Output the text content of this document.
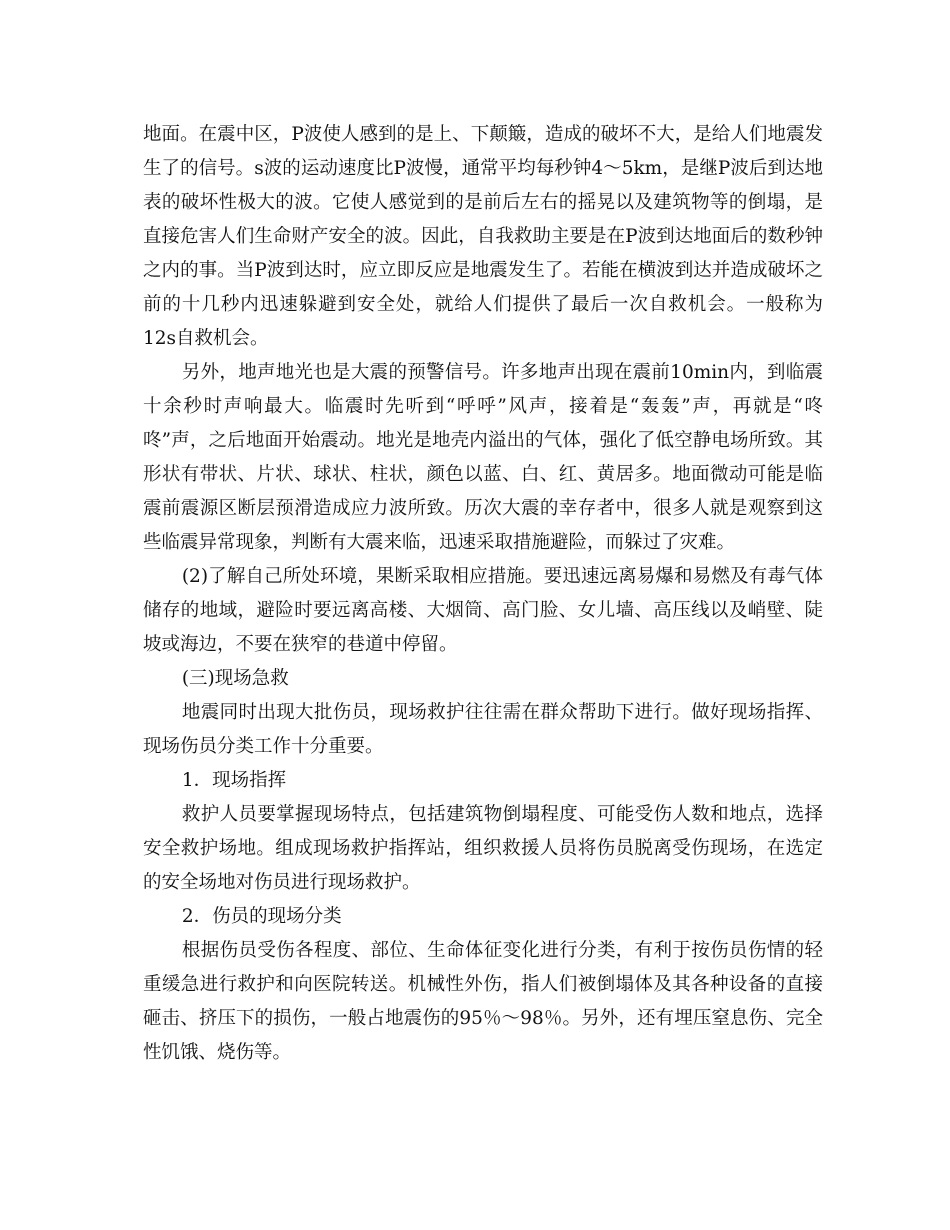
地面。在震中区，P波使人感到的是上、下颠簸，造成的破坏不大，是给人们地震发生了的信号。s波的运动速度比P波慢，通常平均每秒钟4～5km，是继P波后到达地表的破坏性极大的波。它使人感觉到的是前后左右的摇晃以及建筑物等的倒塌，是直接危害人们生命财产安全的波。因此，自我救助主要是在P波到达地面后的数秒钟之内的事。当P波到达时，应立即反应是地震发生了。若能在横波到达并造成破坏之前的十几秒内迅速躲避到安全处，就给人们提供了最后一次自救机会。一般称为12s自救机会。

另外，地声地光也是大震的预警信号。许多地声出现在震前10min内，到临震十余秒时声响最大。临震时先听到“呼呼”风声，接着是“轰轰”声，再就是“咚咚”声，之后地面开始震动。地光是地壳内溢出的气体，强化了低空静电场所致。其形状有带状、片状、球状、柱状，颜色以蓝、白、红、黄居多。地面微动可能是临震前震源区断层预滑造成应力波所致。历次大震的幸存者中，很多人就是观察到这些临震异常现象，判断有大震来临，迅速采取措施避险，而躲过了灾难。

(2)了解自己所处环境，果断采取相应措施。要迅速远离易爆和易燃及有毒气体储存的地域，避险时要远离高楼、大烟筒、高门脸、女儿墙、高压线以及峭壁、陡坡或海边，不要在狭窄的巷道中停留。

(三)现场急救

地震同时出现大批伤员，现场救护往往需在群众帮助下进行。做好现场指挥、现场伤员分类工作十分重要。

1．现场指挥

救护人员要掌握现场特点，包括建筑物倒塌程度、可能受伤人数和地点，选择安全救护场地。组成现场救护指挥站，组织救援人员将伤员脱离受伤现场，在选定的安全场地对伤员进行现场救护。

2．伤员的现场分类

根据伤员受伤各程度、部位、生命体征变化进行分类，有利于按伤员伤情的轻重缓急进行救护和向医院转送。机械性外伤，指人们被倒塌体及其各种设备的直接砸击、挤压下的损伤，一般占地震伤的95％～98％。另外，还有埋压窒息伤、完全性饥饿、烧伤等。
